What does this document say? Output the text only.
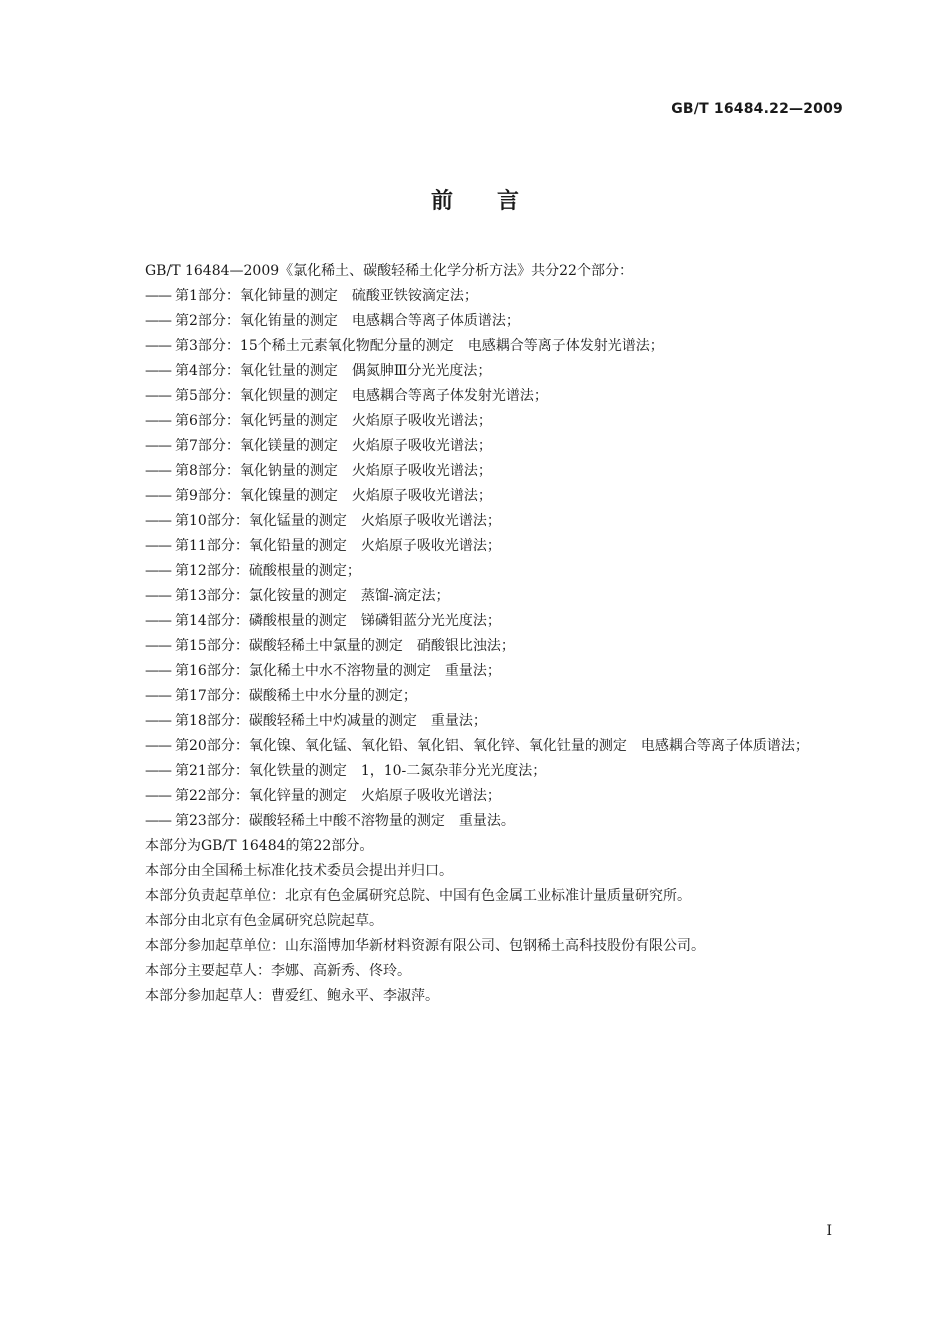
GB/T 16484.22—2009
前言
GB/T 16484—2009《氯化稀土、碳酸轻稀土化学分析方法》共分22个部分：
—— 第1部分：氧化铈量的测定 硫酸亚铁铵滴定法；
—— 第2部分：氧化铕量的测定 电感耦合等离子体质谱法；
—— 第3部分：15个稀土元素氧化物配分量的测定 电感耦合等离子体发射光谱法；
—— 第4部分：氧化钍量的测定 偶氮胂Ⅲ分光光度法；
—— 第5部分：氧化钡量的测定 电感耦合等离子体发射光谱法；
—— 第6部分：氧化钙量的测定 火焰原子吸收光谱法；
—— 第7部分：氧化镁量的测定 火焰原子吸收光谱法；
—— 第8部分：氧化钠量的测定 火焰原子吸收光谱法；
—— 第9部分：氧化镍量的测定 火焰原子吸收光谱法；
—— 第10部分：氧化锰量的测定 火焰原子吸收光谱法；
—— 第11部分：氧化铅量的测定 火焰原子吸收光谱法；
—— 第12部分：硫酸根量的测定；
—— 第13部分：氯化铵量的测定 蒸馏-滴定法；
—— 第14部分：磷酸根量的测定 锑磷钼蓝分光光度法；
—— 第15部分：碳酸轻稀土中氯量的测定 硝酸银比浊法；
—— 第16部分：氯化稀土中水不溶物量的测定 重量法；
—— 第17部分：碳酸稀土中水分量的测定；
—— 第18部分：碳酸轻稀土中灼减量的测定 重量法；
—— 第20部分：氧化镍、氧化锰、氧化铅、氧化铝、氧化锌、氧化钍量的测定 电感耦合等离子体质谱法；
—— 第21部分：氧化铁量的测定 1，10-二氮杂菲分光光度法；
—— 第22部分：氧化锌量的测定 火焰原子吸收光谱法；
—— 第23部分：碳酸轻稀土中酸不溶物量的测定 重量法。
本部分为GB/T 16484的第22部分。
本部分由全国稀土标准化技术委员会提出并归口。
本部分负责起草单位：北京有色金属研究总院、中国有色金属工业标准计量质量研究所。
本部分由北京有色金属研究总院起草。
本部分参加起草单位：山东淄博加华新材料资源有限公司、包钢稀土高科技股份有限公司。
本部分主要起草人：李娜、高新秀、佟玲。
本部分参加起草人：曹爱红、鲍永平、李淑萍。
I
